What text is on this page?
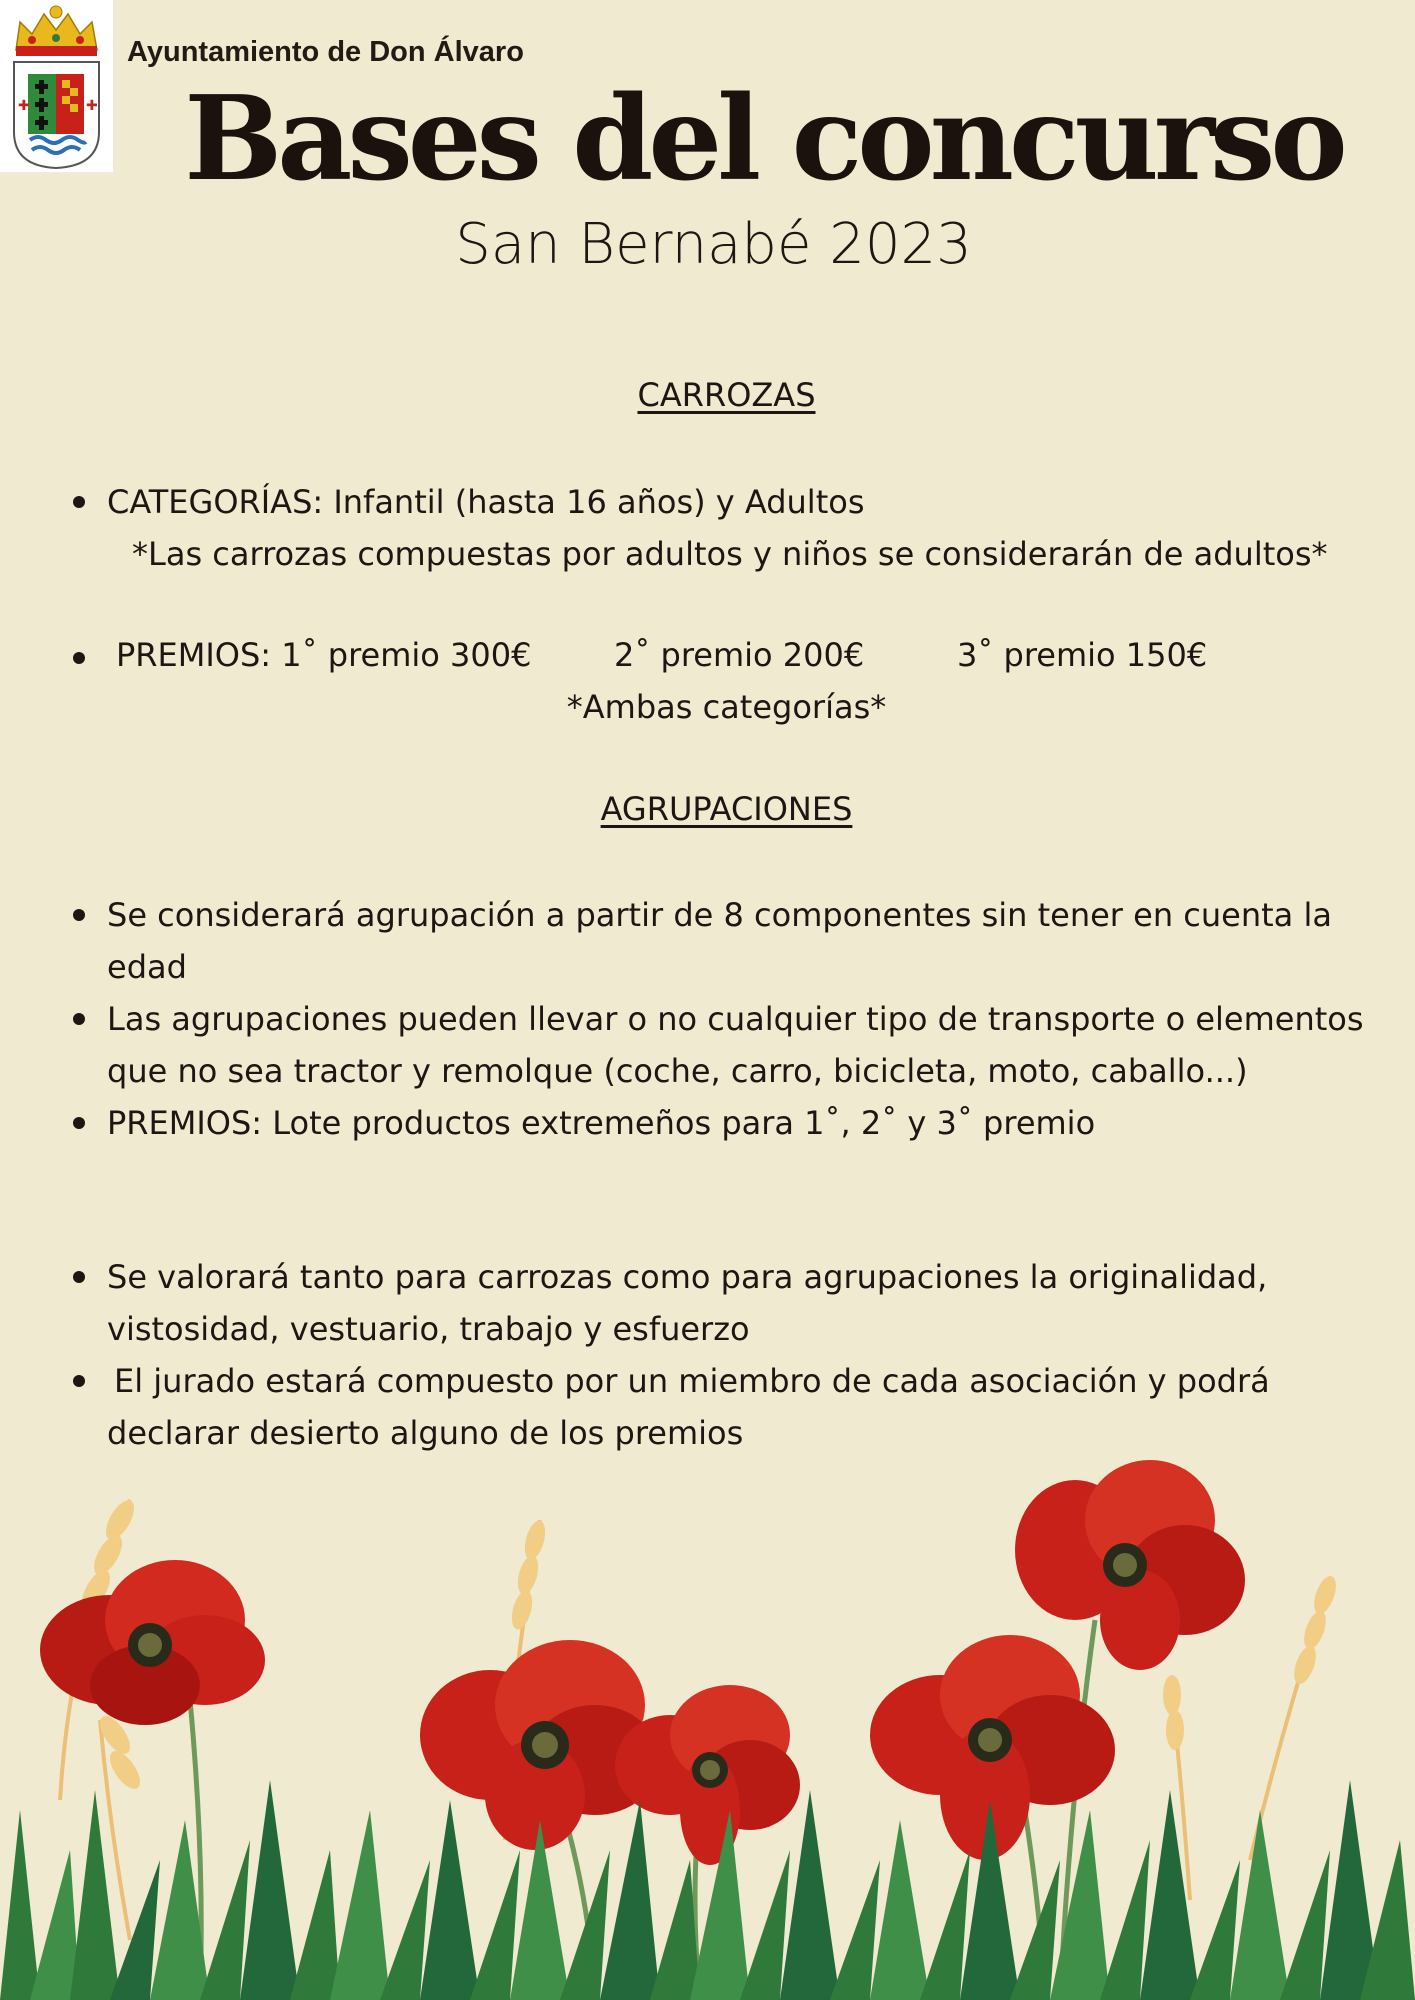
✚	✚
Ayuntamiento de Don Álvaro
Bases del concurso
San Bernabé 2023
CARROZAS
CATEGORÍAS: Infantil (hasta 16 años) y Adultos
*Las carrozas compuestas por adultos y niños se considerarán de adultos*
PREMIOS: 1˚ premio 300€	2˚ premio 200€	3˚ premio 150€
*Ambas categorías*
AGRUPACIONES
Se considerará agrupación a partir de 8 componentes sin tener en cuenta la
edad
Las agrupaciones pueden llevar o no cualquier tipo de transporte o elementos
que no sea tractor y remolque (coche, carro, bicicleta, moto, caballo...)
PREMIOS: Lote productos extremeños para 1˚, 2˚ y 3˚ premio
Se valorará tanto para carrozas como para agrupaciones la originalidad,
vistosidad, vestuario, trabajo y esfuerzo
El jurado estará compuesto por un miembro de cada asociación y podrá
declarar desierto alguno de los premios
